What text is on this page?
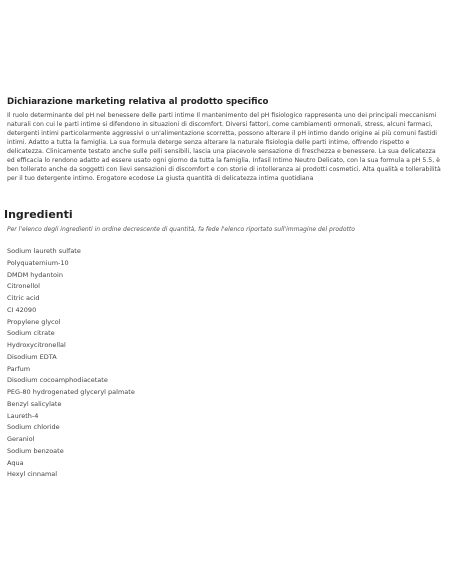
Dichiarazione marketing relativa al prodotto specifico

Il ruolo determinante del pH nel benessere delle parti intime Il mantenimento del pH fisiologico rappresenta uno dei principali meccanismi naturali con cui le parti intime si difendono in situazioni di discomfort. Diversi fattori, come cambiamenti ormonali, stress, alcuni farmaci, detergenti intimi particolarmente aggressivi o un'alimentazione scorretta, possono alterare il pH intimo dando origine ai più comuni fastidi intimi. Adatto a tutta la famiglia. La sua formula deterge senza alterare la naturale fisiologia delle parti intime, offrendo rispetto e delicatezza. Clinicamente testato anche sulle pelli sensibili, lascia una piacevole sensazione di freschezza e benessere. La sua delicatezza ed efficacia lo rendono adatto ad essere usato ogni giorno da tutta la famiglia. Infasil Intimo Neutro Delicato, con la sua formula a pH 5.5, è ben tollerato anche da soggetti con lievi sensazioni di discomfort e con storie di intolleranza ai prodotti cosmetici. Alta qualità e tollerabilità per il tuo detergente intimo. Erogatore ecodose La giusta quantità di delicatezza intima quotidiana

Ingredienti
Per l'elenco degli ingredienti in ordine decrescente di quantità, fa fede l'elenco riportato sull'immagine del prodotto
Sodium laureth sulfate
Polyquaternium-10
DMDM hydantoin
Citronellol
Citric acid
CI 42090
Propylene glycol
Sodium citrate
Hydroxycitronellal
Disodium EDTA
Parfum
Disodium cocoamphodiacetate
PEG-80 hydrogenated glyceryl palmate
Benzyl salicylate
Laureth-4
Sodium chloride
Geraniol
Sodium benzoate
Aqua
Hexyl cinnamal
